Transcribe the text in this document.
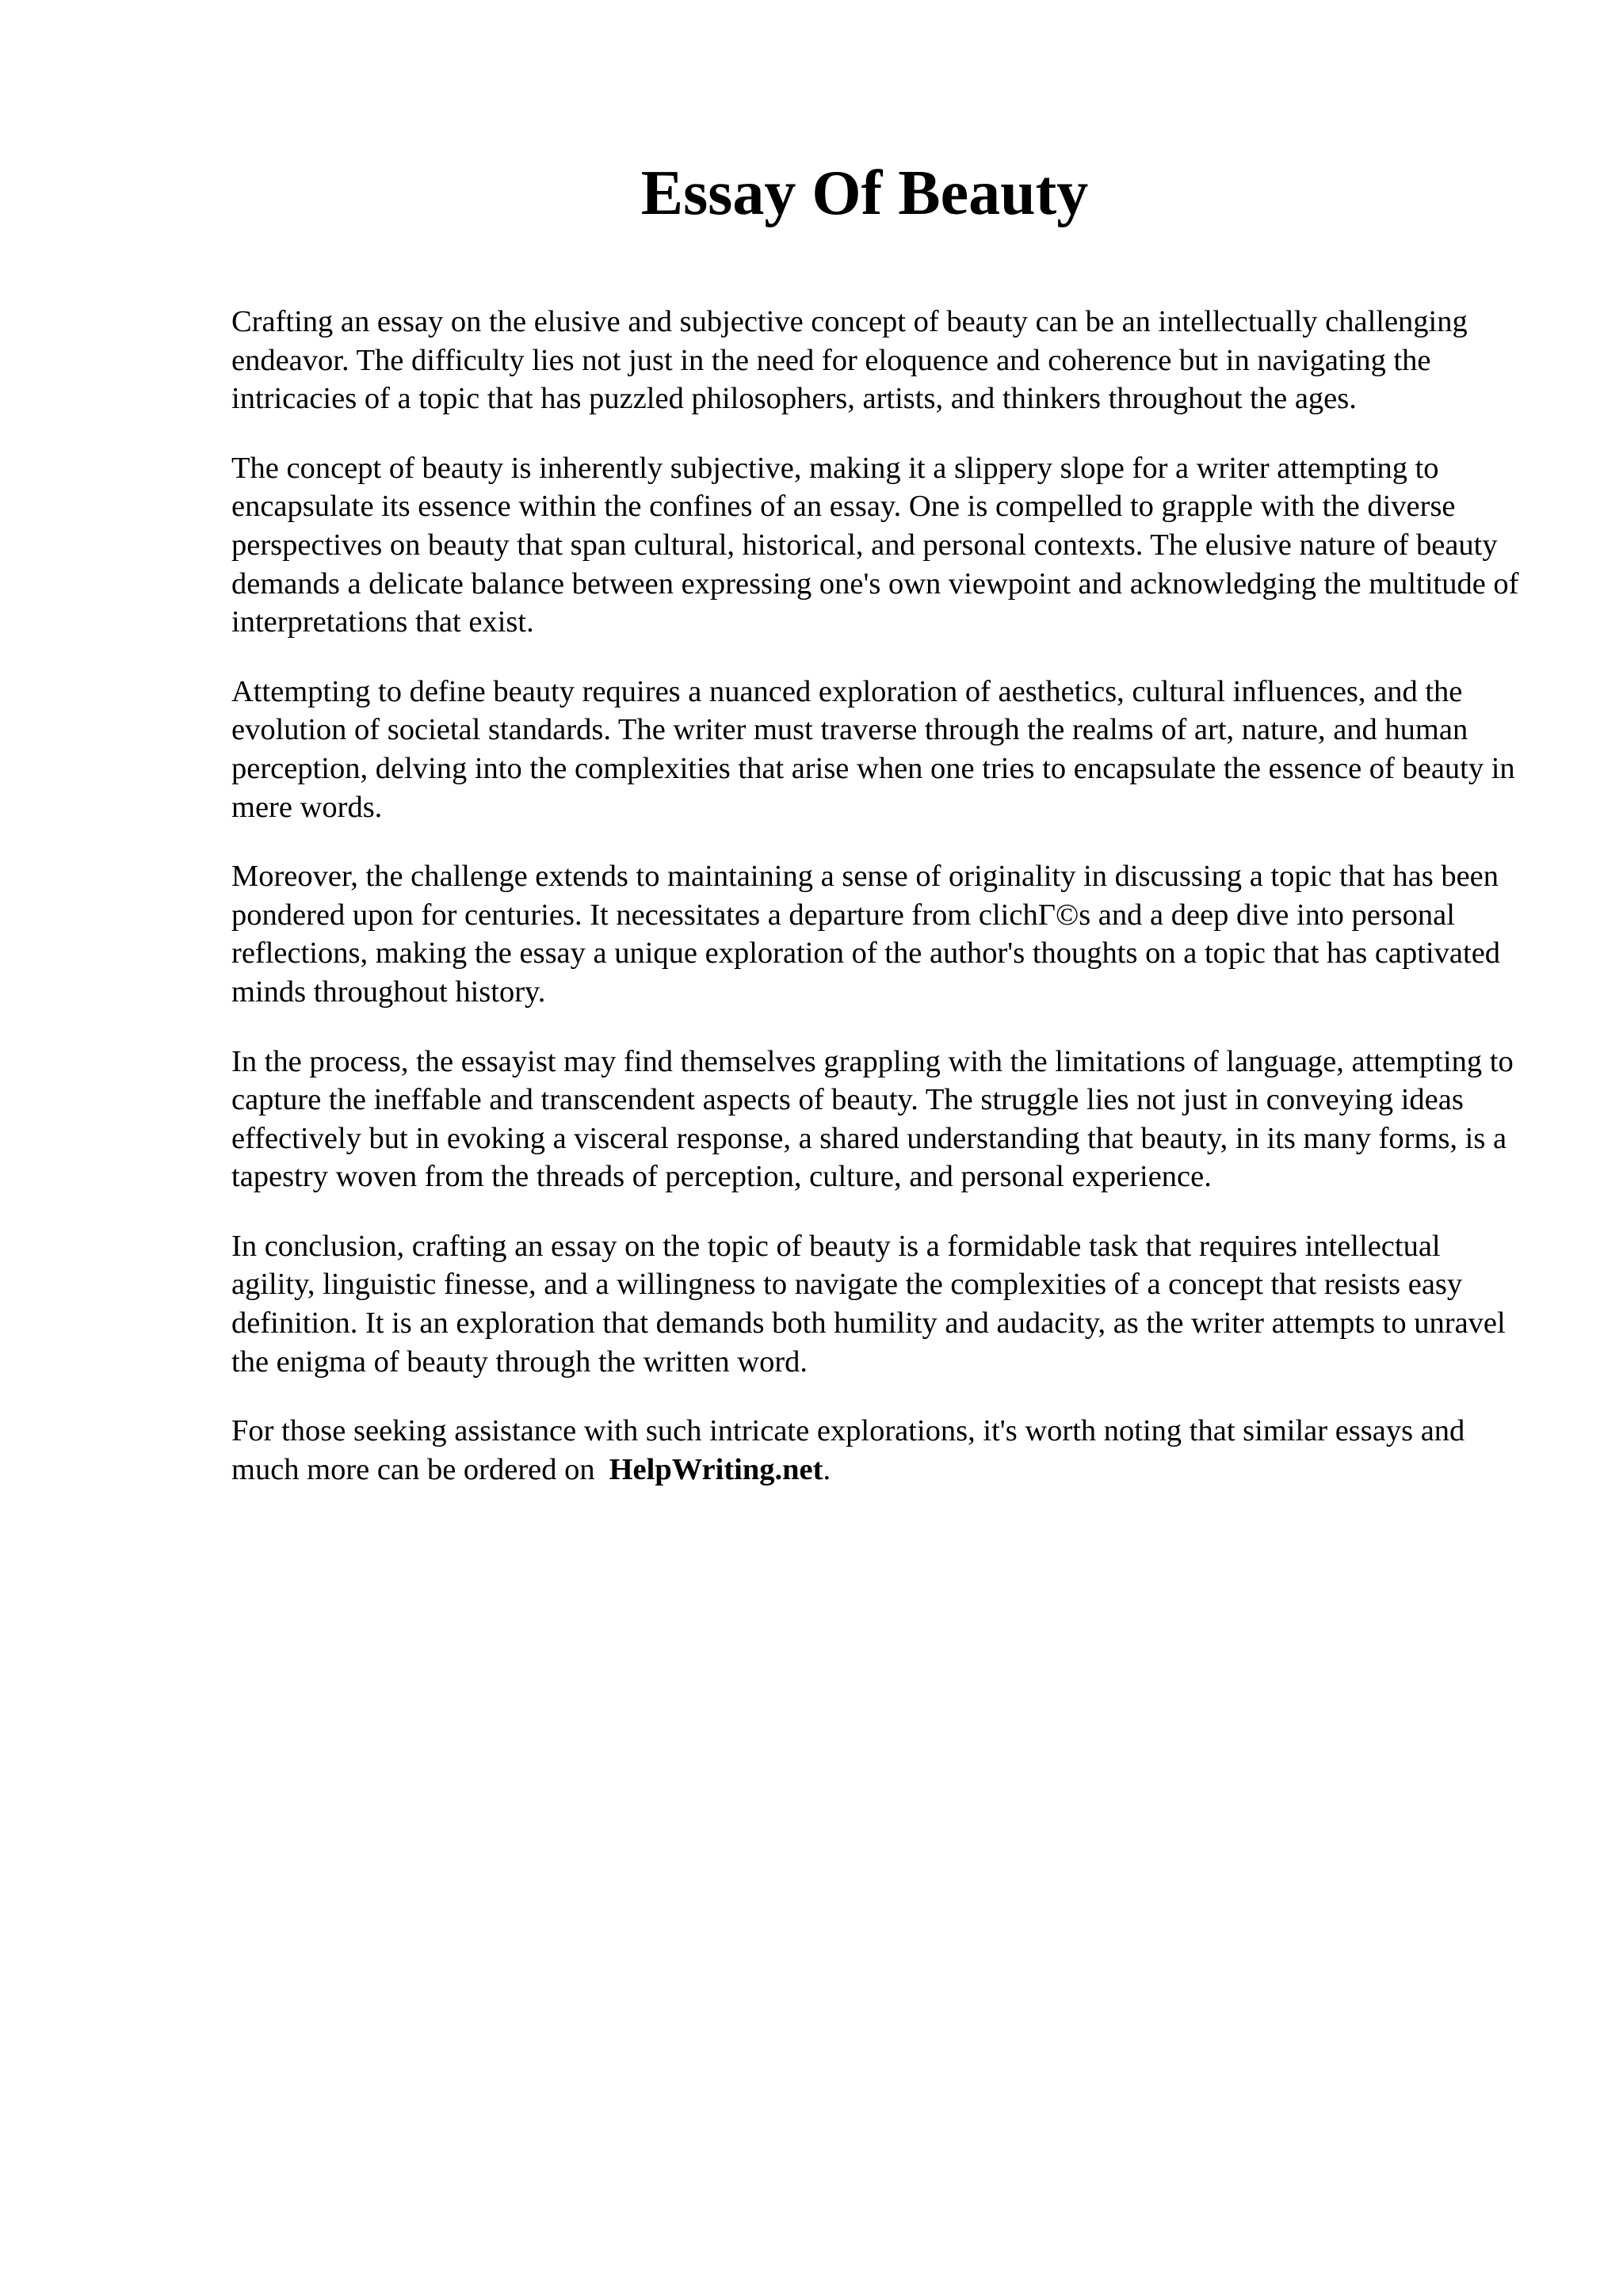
Essay Of Beauty

Crafting an essay on the elusive and subjective concept of beauty can be an intellectually challenging endeavor. The difficulty lies not just in the need for eloquence and coherence but in navigating the intricacies of a topic that has puzzled philosophers, artists, and thinkers throughout the ages.

The concept of beauty is inherently subjective, making it a slippery slope for a writer attempting to encapsulate its essence within the confines of an essay. One is compelled to grapple with the diverse perspectives on beauty that span cultural, historical, and personal contexts. The elusive nature of beauty demands a delicate balance between expressing one's own viewpoint and acknowledging the multitude of interpretations that exist.

Attempting to define beauty requires a nuanced exploration of aesthetics, cultural influences, and the evolution of societal standards. The writer must traverse through the realms of art, nature, and human perception, delving into the complexities that arise when one tries to encapsulate the essence of beauty in mere words.

Moreover, the challenge extends to maintaining a sense of originality in discussing a topic that has been pondered upon for centuries. It necessitates a departure from clichГ©s and a deep dive into personal reflections, making the essay a unique exploration of the author's thoughts on a topic that has captivated minds throughout history.

In the process, the essayist may find themselves grappling with the limitations of language, attempting to capture the ineffable and transcendent aspects of beauty. The struggle lies not just in conveying ideas effectively but in evoking a visceral response, a shared understanding that beauty, in its many forms, is a tapestry woven from the threads of perception, culture, and personal experience.

In conclusion, crafting an essay on the topic of beauty is a formidable task that requires intellectual agility, linguistic finesse, and a willingness to navigate the complexities of a concept that resists easy definition. It is an exploration that demands both humility and audacity, as the writer attempts to unravel the enigma of beauty through the written word.

For those seeking assistance with such intricate explorations, it's worth noting that similar essays and much more can be ordered on HelpWriting.net.
